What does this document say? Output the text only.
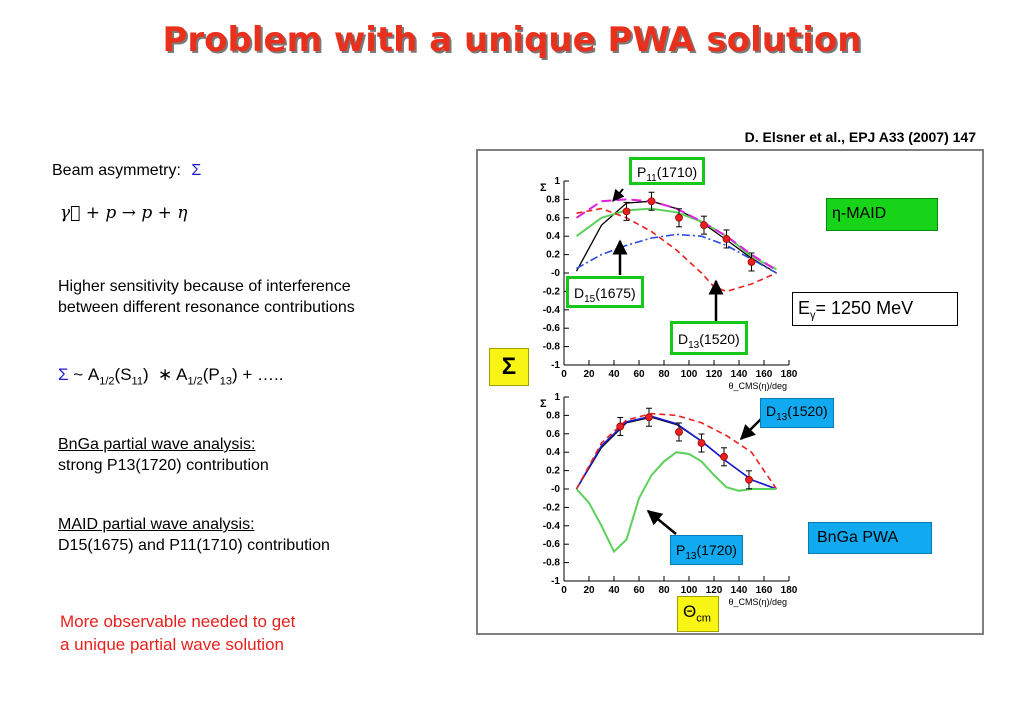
Problem with a unique PWA solution
D. Elsner et al., EPJ A33 (2007) 147
Beam asymmetry: Σ
γ⃗ + p → p + η
Higher sensitivity because of interference
between different resonance contributions
Σ ~ $A_{1/2}(S_{11})$  ∗ $A_{1/2}(P_{13})$ + …..
BnGa partial wave analysis:
strong P13(1720) contribution
MAID partial wave analysis:
D15(1675) and P11(1710) contribution
More observable needed to get
a unique partial wave solution
1
0.8
0.6
0.4
0.2
-0
-0.2
-0.4
-0.6
-0.8
-1
0 20 40 60 80 100 120 140 160 180
θ_CMS(η)/deg
Σ
1
0.8
0.6
0.4
0.2
-0
-0.2
-0.4
-0.6
-0.8
-1
0 20 40 60 80 100 120 140 160 180
θ_CMS(η)/deg
Σ
$P_{11}(1710)$
$D_{15}(1675)$
$D_{13}(1520)$
$D_{13}(1520)$
$P_{13}(1720)$
η-MAID
BnGa PWA
$E_\gamma= 1250$ MeV
Σ
$\Theta_{cm}$
